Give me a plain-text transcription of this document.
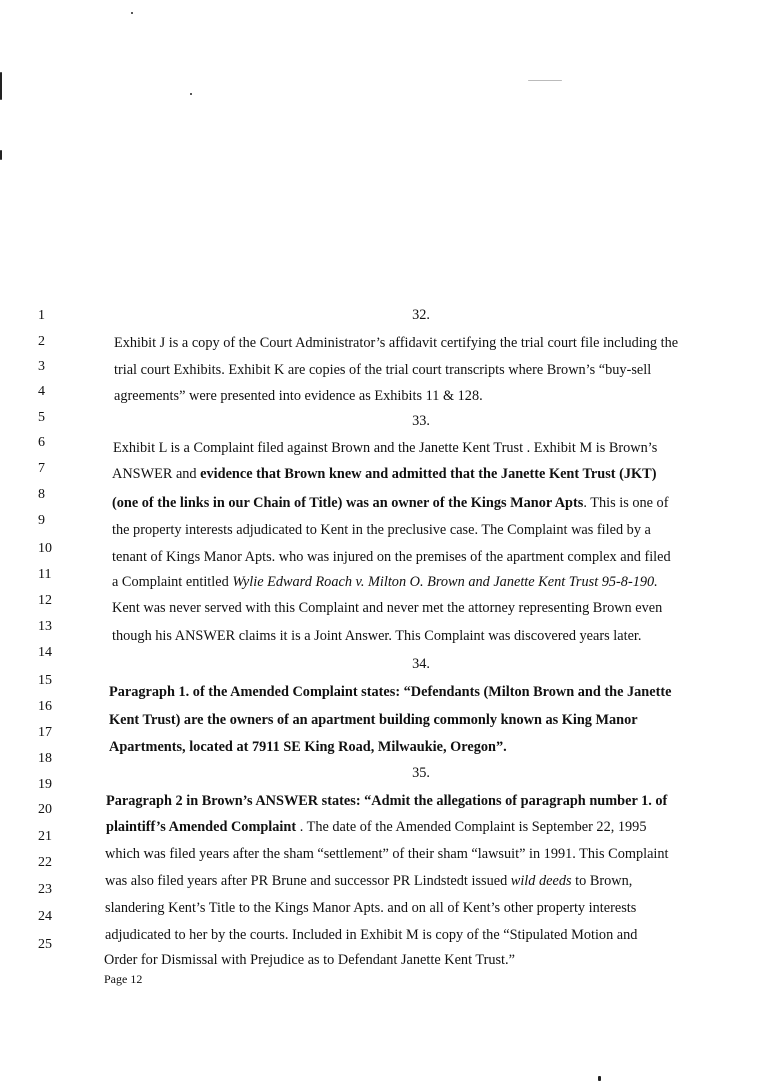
1
2
3
4
5
6
7
8
9
10
11
12
13
14
15
16
17
18
19
20
21
22
23
24
25
32.
Exhibit J is a copy of the Court Administrator’s affidavit certifying the trial court file including the
trial court Exhibits. Exhibit K are copies of the trial court transcripts where Brown’s “buy-sell
agreements” were presented into evidence as Exhibits 11 & 128.
33.
Exhibit L is a Complaint filed against Brown and the Janette Kent Trust . Exhibit M is Brown’s
ANSWER and evidence that Brown knew and admitted that the Janette Kent Trust (JKT)
(one of the links in our Chain of Title) was an owner of the Kings Manor Apts. This is one of
the property interests adjudicated to Kent in the preclusive case. The Complaint was filed by a
tenant of Kings Manor Apts. who was injured on the premises of the apartment complex and filed
a Complaint entitled Wylie Edward Roach v. Milton O. Brown and Janette Kent Trust 95-8-190.
Kent was never served with this Complaint and never met the attorney representing Brown even
though his ANSWER claims it is a Joint Answer. This Complaint was discovered years later.
34.
Paragraph 1. of the Amended Complaint states: “Defendants (Milton Brown and the Janette
Kent Trust) are the owners of an apartment building commonly known as King Manor
Apartments, located at 7911 SE King Road, Milwaukie, Oregon”.
35.
Paragraph 2 in Brown’s ANSWER states: “Admit the allegations of paragraph number 1. of
plaintiff’s Amended Complaint . The date of the Amended Complaint is September 22, 1995
which was filed years after the sham “settlement” of their sham “lawsuit” in 1991. This Complaint
was also filed years after PR Brune and successor PR Lindstedt issued wild deeds to Brown,
slandering Kent’s Title to the Kings Manor Apts. and on all of Kent’s other property interests
adjudicated to her by the courts. Included in Exhibit M is copy of the “Stipulated Motion and
Order for Dismissal with Prejudice as to Defendant Janette Kent Trust.”
Page 12
